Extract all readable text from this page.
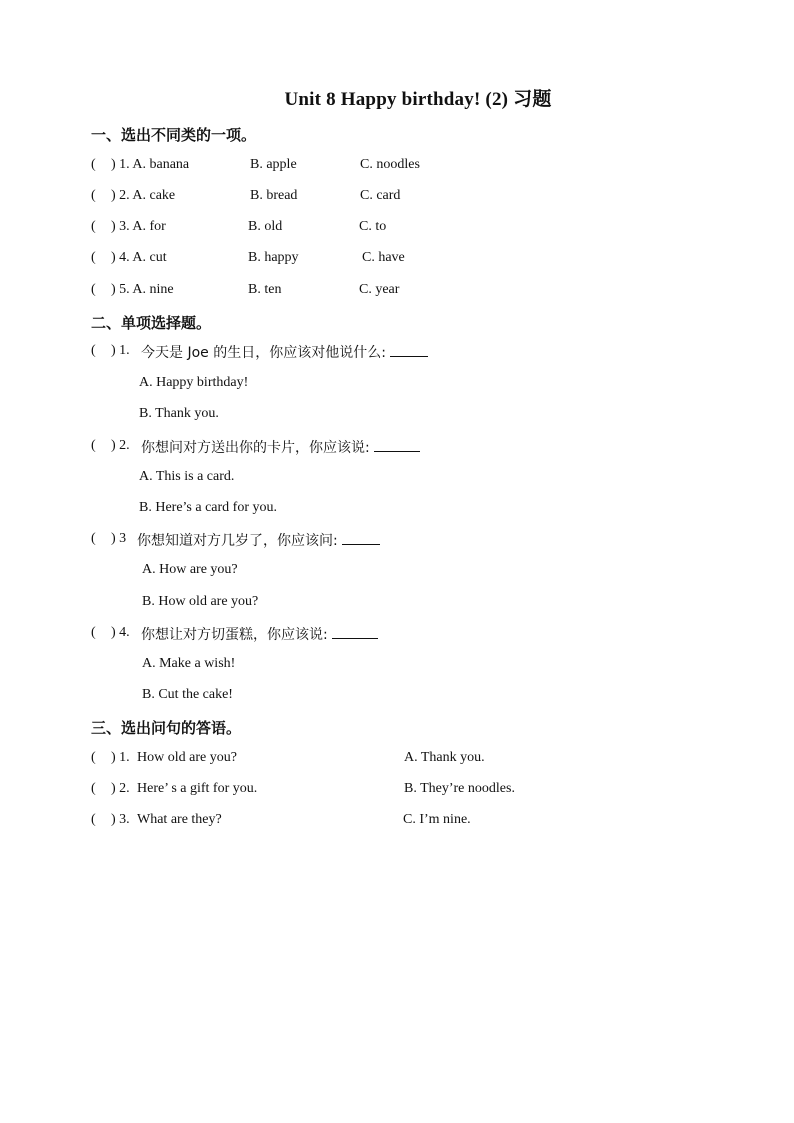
Unit 8 Happy birthday! (2) 习题
一、选出不同类的一项。
( ) 1. A. banana	B. apple	C. noodles
( ) 2. A. cake	B. bread	C. card
( ) 3. A. for	B. old	C. to
( ) 4. A. cut	B. happy	C. have
( ) 5. A. nine	B. ten	C. year
二、单项选择题。
( ) 1. 今天是 Joe 的生日，你应该对他说什么:
A. Happy birthday!
B. Thank you.
( ) 2. 你想问对方送出你的卡片，你应该说:
A. This is a card.
B. Here’s a card for you.
( ) 3 你想知道对方几岁了，你应该问:
A. How are you?
B. How old are you?
( ) 4. 你想让对方切蛋糕，你应该说:
A. Make a wish!
B. Cut the cake!
三、选出问句的答语。
( ) 1. How old are you?	A. Thank you.
( ) 2. Here’ s a gift for you.	B. They’re noodles.
( ) 3. What are they?	C. I’m nine.
